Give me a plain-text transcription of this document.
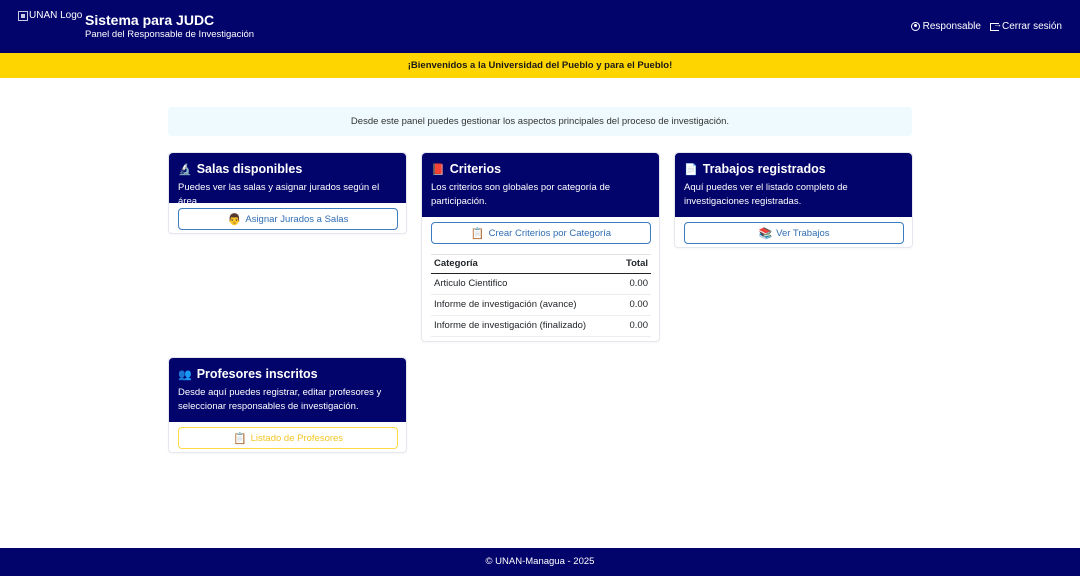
UNAN Logo Sistema para JUDC
Panel del Responsable de Investigación
Responsable → Cerrar sesión
¡Bienvenidos a la Universidad del Pueblo y para el Pueblo!
Desde este panel puedes gestionar los aspectos principales del proceso de investigación.
🔬 Salas disponibles
Puedes ver las salas y asignar jurados según el área.
👨 Asignar Jurados a Salas
📕 Criterios
Los criterios son globales por categoría de participación.
📋 Crear Criterios por Categoría
Categoría	Total
Articulo Cientifico	0.00
Informe de investigación (avance)	0.00
Informe de investigación (finalizado)	0.00
📄 Trabajos registrados
Aquí puedes ver el listado completo de investigaciones registradas.
📚 Ver Trabajos
👥 Profesores inscritos
Desde aquí puedes registrar, editar profesores y seleccionar responsables de investigación.
📋 Listado de Profesores
© UNAN-Managua - 2025
